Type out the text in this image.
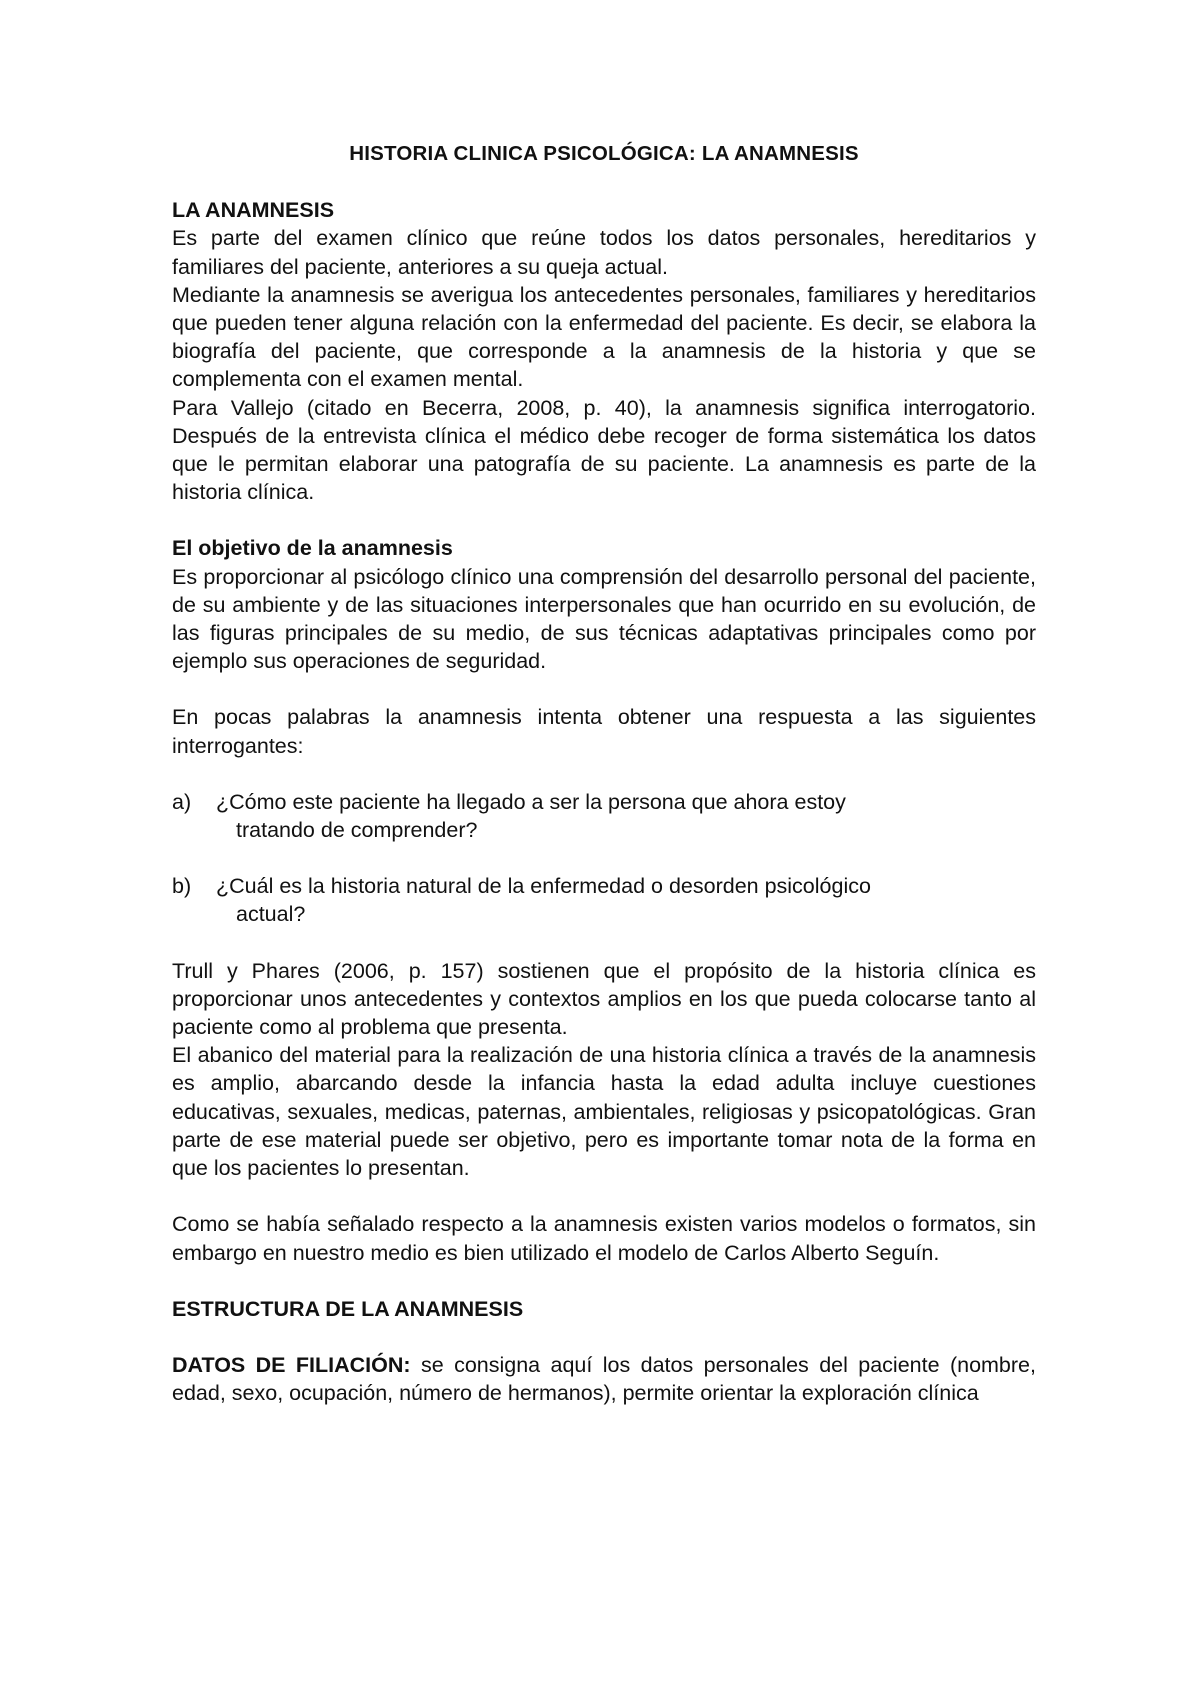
HISTORIA CLINICA PSICOLÓGICA: LA ANAMNESIS
LA ANAMNESIS

Es parte del examen clínico que reúne todos los datos personales, hereditarios y familiares del paciente, anteriores a su queja actual.

Mediante la anamnesis se averigua los antecedentes personales, familiares y hereditarios que pueden tener alguna relación con la enfermedad del paciente. Es decir, se elabora la biografía del paciente, que corresponde a la anamnesis de la historia y que se complementa con el examen mental.

Para Vallejo (citado en Becerra, 2008, p. 40), la anamnesis significa interrogatorio. Después de la entrevista clínica el médico debe recoger de forma sistemática los datos que le permitan elaborar una patografía de su paciente. La anamnesis es parte de la historia clínica.

El objetivo de la anamnesis

Es proporcionar al psicólogo clínico una comprensión del desarrollo personal del paciente, de su ambiente y de las situaciones interpersonales que han ocurrido en su evolución, de las figuras principales de su medio, de sus técnicas adaptativas principales como por ejemplo sus operaciones de seguridad.

En pocas palabras la anamnesis intenta obtener una respuesta a las siguientes interrogantes:

a)	¿Cómo este paciente ha llegado a ser la persona que ahora estoy
tratando de comprender?
b)	¿Cuál es la historia natural de la enfermedad o desorden psicológico
actual?

Trull y Phares (2006, p. 157) sostienen que el propósito de la historia clínica es proporcionar unos antecedentes y contextos amplios en los que pueda colocarse tanto al paciente como al problema que presenta.

El abanico del material para la realización de una historia clínica a través de la anamnesis es amplio, abarcando desde la infancia hasta la edad adulta incluye cuestiones educativas, sexuales, medicas, paternas, ambientales, religiosas y psicopatológicas. Gran parte de ese material puede ser objetivo, pero es importante tomar nota de la forma en que los pacientes lo presentan.

Como se había señalado respecto a la anamnesis existen varios modelos o formatos, sin embargo en nuestro medio es bien utilizado el modelo de Carlos Alberto Seguín.

ESTRUCTURA DE LA ANAMNESIS

DATOS DE FILIACIÓN: se consigna aquí los datos personales del paciente (nombre, edad, sexo, ocupación, número de hermanos), permite orientar la exploración clínica
